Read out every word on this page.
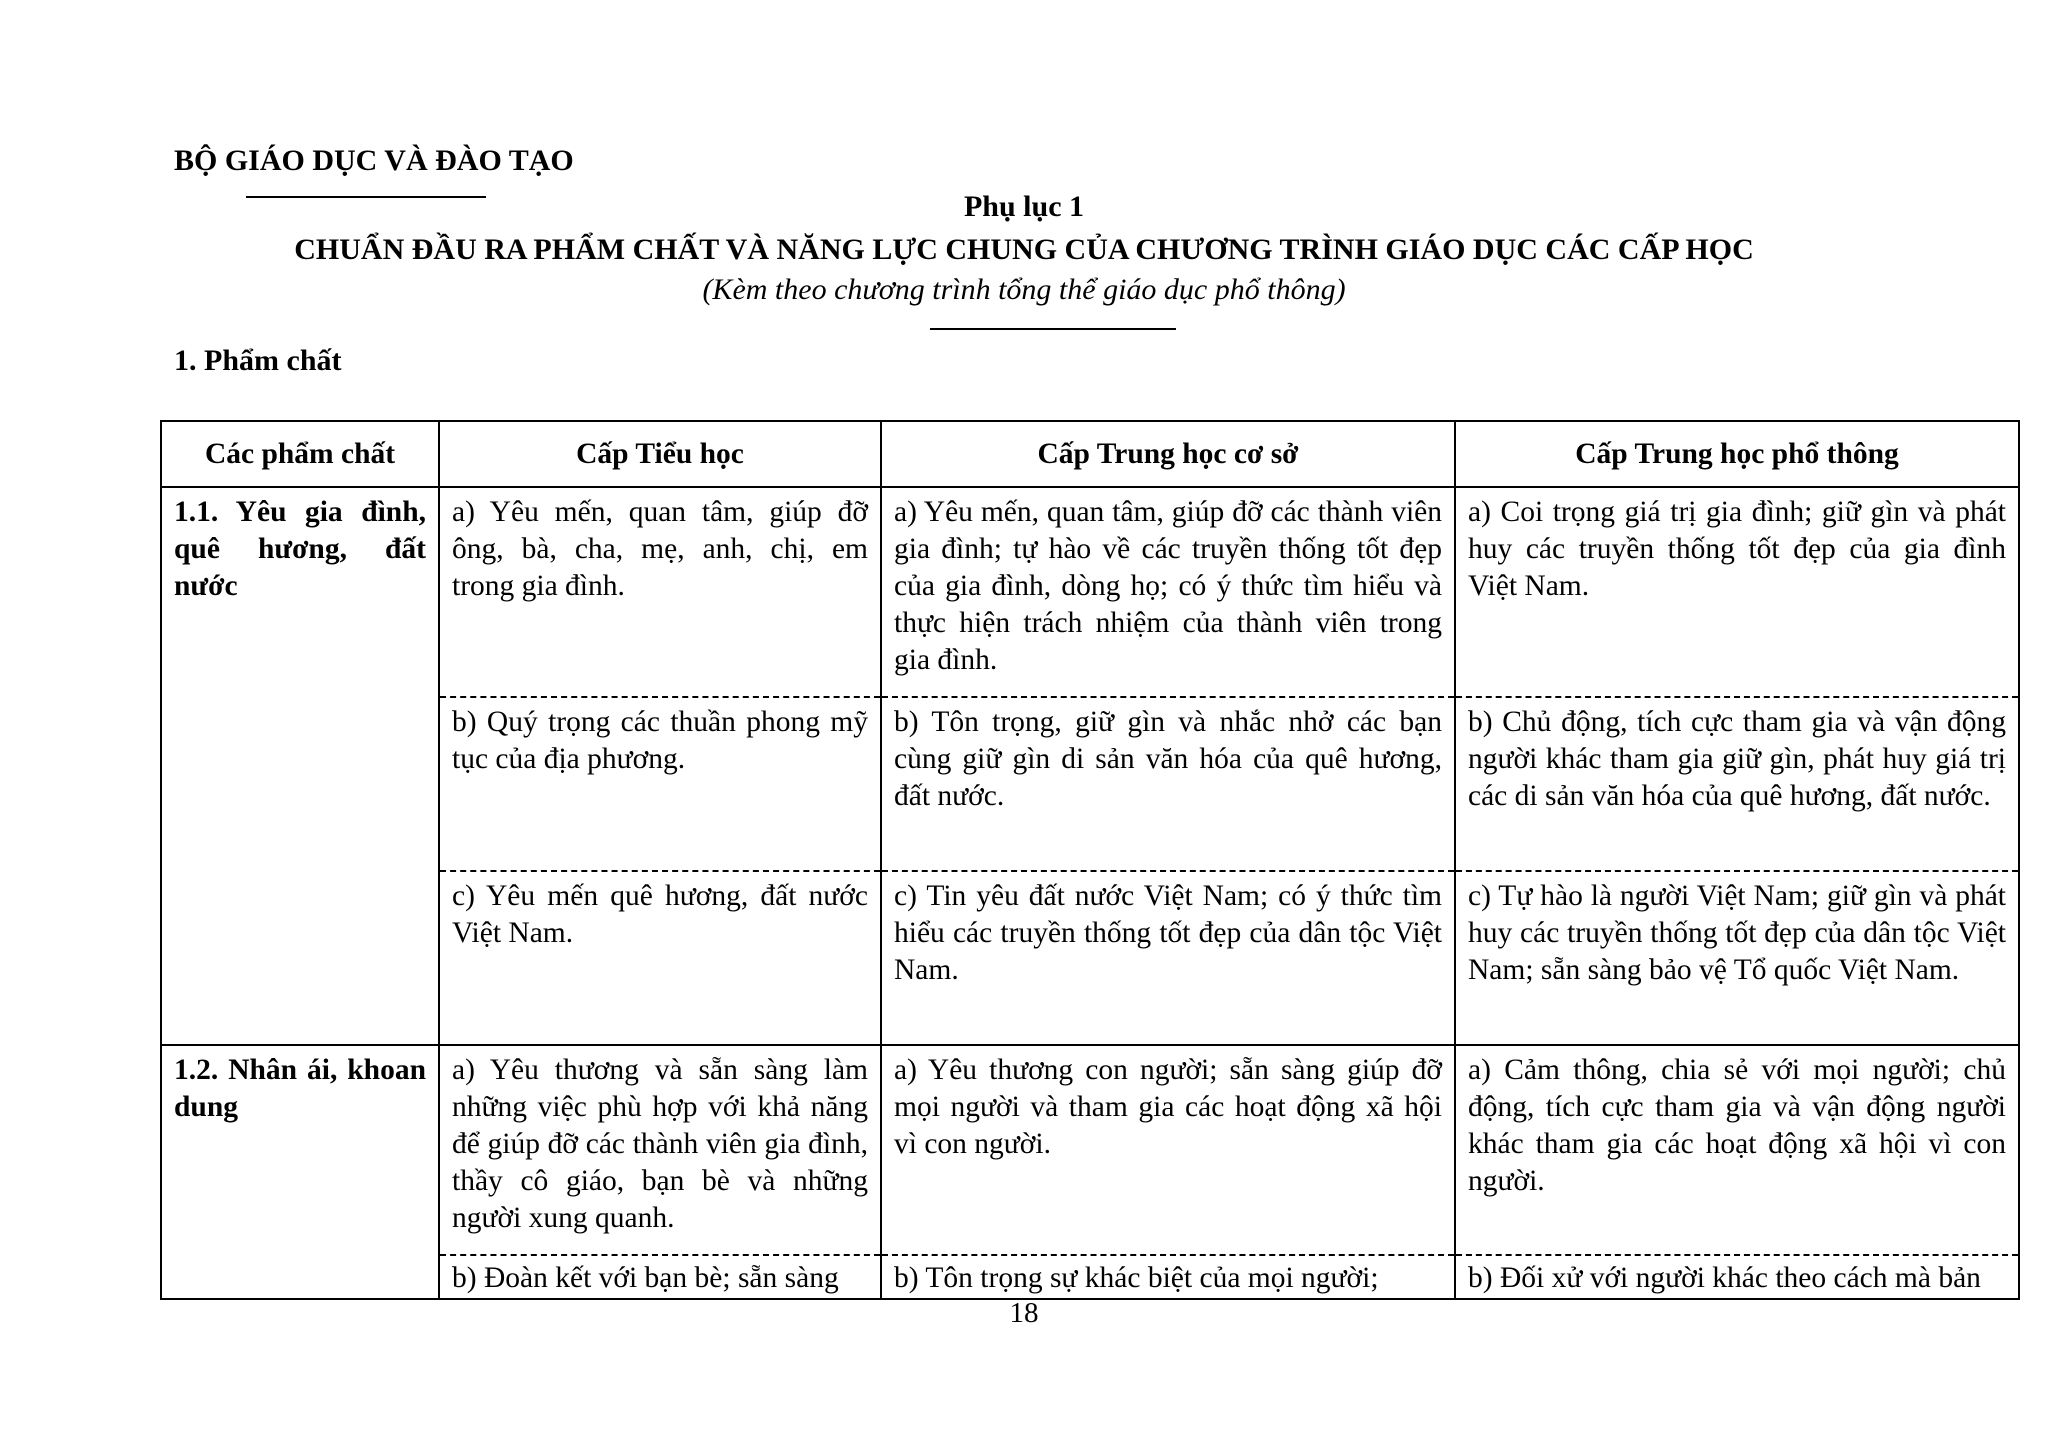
BỘ GIÁO DỤC VÀ ĐÀO TẠO
Phụ lục 1
CHUẨN ĐẦU RA PHẨM CHẤT VÀ NĂNG LỰC CHUNG CỦA CHƯƠNG TRÌNH GIÁO DỤC CÁC CẤP HỌC
(Kèm theo chương trình tổng thể giáo dục phổ thông)
1. Phẩm chất
Các phẩm chất	Cấp Tiểu học	Cấp Trung học cơ sở	Cấp Trung học phổ thông
1.1. Yêu gia đình, quê hương, đất nước	a) Yêu mến, quan tâm, giúp đỡ ông, bà, cha, mẹ, anh, chị, em trong gia đình.	a) Yêu mến, quan tâm, giúp đỡ các thành viên gia đình; tự hào về các truyền thống tốt đẹp của gia đình, dòng họ; có ý thức tìm hiểu và thực hiện trách nhiệm của thành viên trong gia đình.	a) Coi trọng giá trị gia đình; giữ gìn và phát huy các truyền thống tốt đẹp của gia đình Việt Nam.
	b) Quý trọng các thuần phong mỹ tục của địa phương.	b) Tôn trọng, giữ gìn và nhắc nhở các bạn cùng giữ gìn di sản văn hóa của quê hương, đất nước.	b) Chủ động, tích cực tham gia và vận động người khác tham gia giữ gìn, phát huy giá trị các di sản văn hóa của quê hương, đất nước.
	c) Yêu mến quê hương, đất nước Việt Nam.	c) Tin yêu đất nước Việt Nam; có ý thức tìm hiểu các truyền thống tốt đẹp của dân tộc Việt Nam.	c) Tự hào là người Việt Nam; giữ gìn và phát huy các truyền thống tốt đẹp của dân tộc Việt Nam; sẵn sàng bảo vệ Tổ quốc Việt Nam.
1.2. Nhân ái, khoan dung	a) Yêu thương và sẵn sàng làm những việc phù hợp với khả năng để giúp đỡ các thành viên gia đình, thầy cô giáo, bạn bè và những người xung quanh.	a) Yêu thương con người; sẵn sàng giúp đỡ mọi người và tham gia các hoạt động xã hội vì con người.	a) Cảm thông, chia sẻ với mọi người; chủ động, tích cực tham gia và vận động người khác tham gia các hoạt động xã hội vì con người.

	b) Đoàn kết với bạn bè; sẵn sàng	b) Tôn trọng sự khác biệt của mọi người;	b) Đối xử với người khác theo cách mà bản
18
